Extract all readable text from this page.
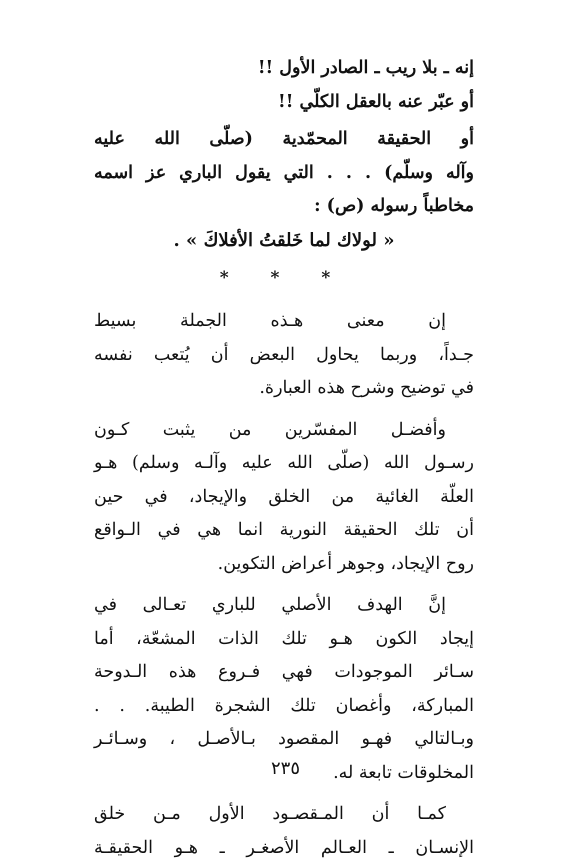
إنه ـ بلا ريب ـ الصادر الأول !!
أو عبّر عنه بالعقل الكلّي !!
أو الحقيقة المحمّدية (صلّى الله عليه
وآله وسلّم) . . . التي يقول الباري عز اسمه
مخاطباً رسوله (ص) :
« لولاك لما خَلقتُ الأفلاكَ » .
* * *
إن معنى هـذه الجملة بسيط
جـداً، وربما يحاول البعض أن يُتعب نفسه
في توضيح وشرح هذه العبارة.
وأفضـل المفسّرين من يثبت كـون
رسـول الله (صلّى الله عليه وآلـه وسلم) هـو
العلّة الغائية من الخلق والإيجاد، في حين
أن تلك الحقيقة النورية انما هي في الـواقع
روح الإيجاد، وجوهر أعراض التكوين.
إنَّ الهدف الأصلي للباري تعـالى في
إيجاد الكون هـو تلك الذات المشعّة، أما
سـائر الموجودات فهي فـروع هذه الـدوحة
المباركة، وأغصان تلك الشجرة الطيبة. . .
وبـالتالي فهـو المقصود بـالأصـل ، وسـائـر
المخلوقات تابعة له.
كمـا أن المـقصـود الأول مـن خلق
الإنسـان ـ العـالم الأصغـر ـ هـو الحقيقـة
٢٣٥
